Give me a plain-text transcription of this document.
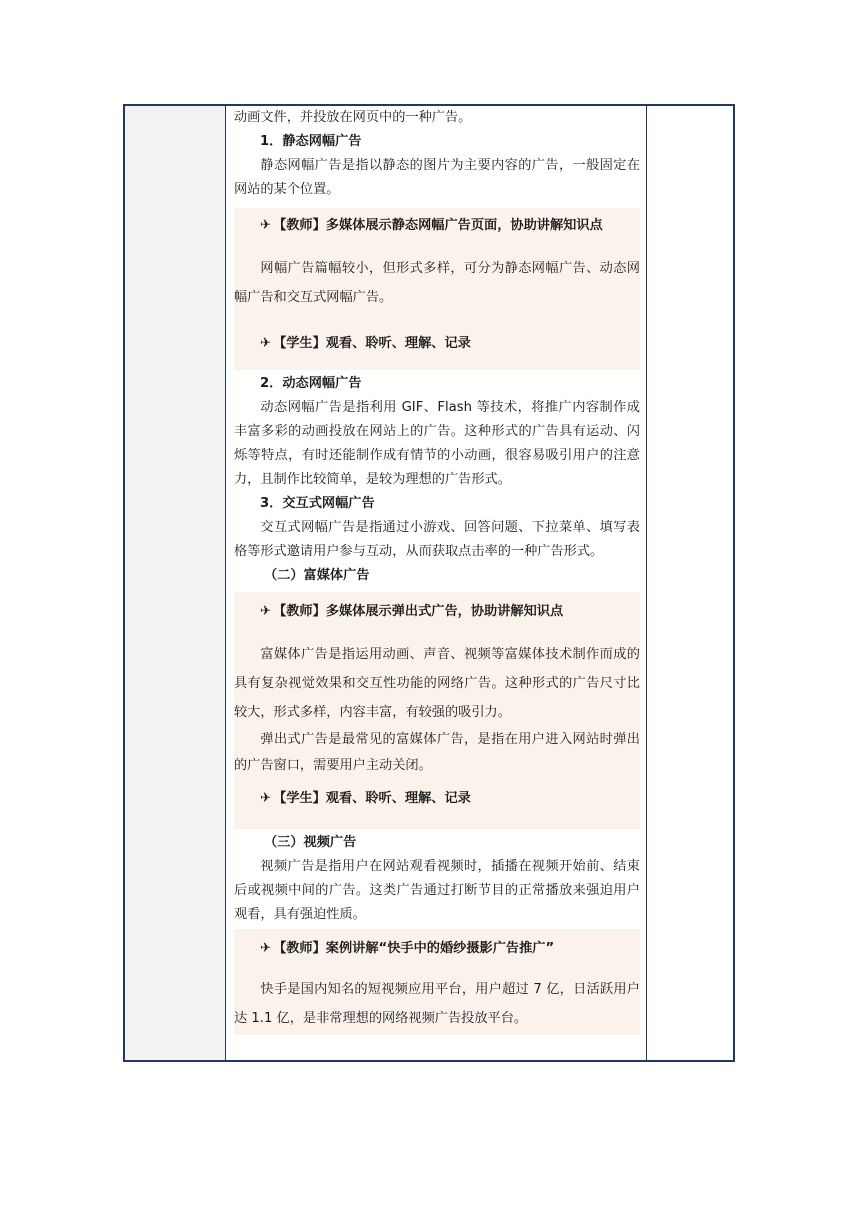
动画文件，并投放在网页中的一种广告。

1．静态网幅广告

静态网幅广告是指以静态的图片为主要内容的广告，一般固定在网站的某个位置。

✈ 【教师】多媒体展示静态网幅广告页面，协助讲解知识点

网幅广告篇幅较小，但形式多样，可分为静态网幅广告、动态网幅广告和交互式网幅广告。

✈ 【学生】观看、聆听、理解、记录

2．动态网幅广告

动态网幅广告是指利用 GIF、Flash 等技术，将推广内容制作成丰富多彩的动画投放在网站上的广告。这种形式的广告具有运动、闪烁等特点，有时还能制作成有情节的小动画，很容易吸引用户的注意力，且制作比较简单，是较为理想的广告形式。

3．交互式网幅广告

交互式网幅广告是指通过小游戏、回答问题、下拉菜单、填写表格等形式邀请用户参与互动，从而获取点击率的一种广告形式。

（二）富媒体广告

✈ 【教师】多媒体展示弹出式广告，协助讲解知识点

富媒体广告是指运用动画、声音、视频等富媒体技术制作而成的具有复杂视觉效果和交互性功能的网络广告。这种形式的广告尺寸比较大，形式多样，内容丰富，有较强的吸引力。

弹出式广告是最常见的富媒体广告，是指在用户进入网站时弹出的广告窗口，需要用户主动关闭。

✈ 【学生】观看、聆听、理解、记录

（三）视频广告

视频广告是指用户在网站观看视频时，插播在视频开始前、结束后或视频中间的广告。这类广告通过打断节目的正常播放来强迫用户观看，具有强迫性质。

✈ 【教师】案例讲解“快手中的婚纱摄影广告推广”

快手是国内知名的短视频应用平台，用户超过 7 亿，日活跃用户达 1.1 亿，是非常理想的网络视频广告投放平台。
